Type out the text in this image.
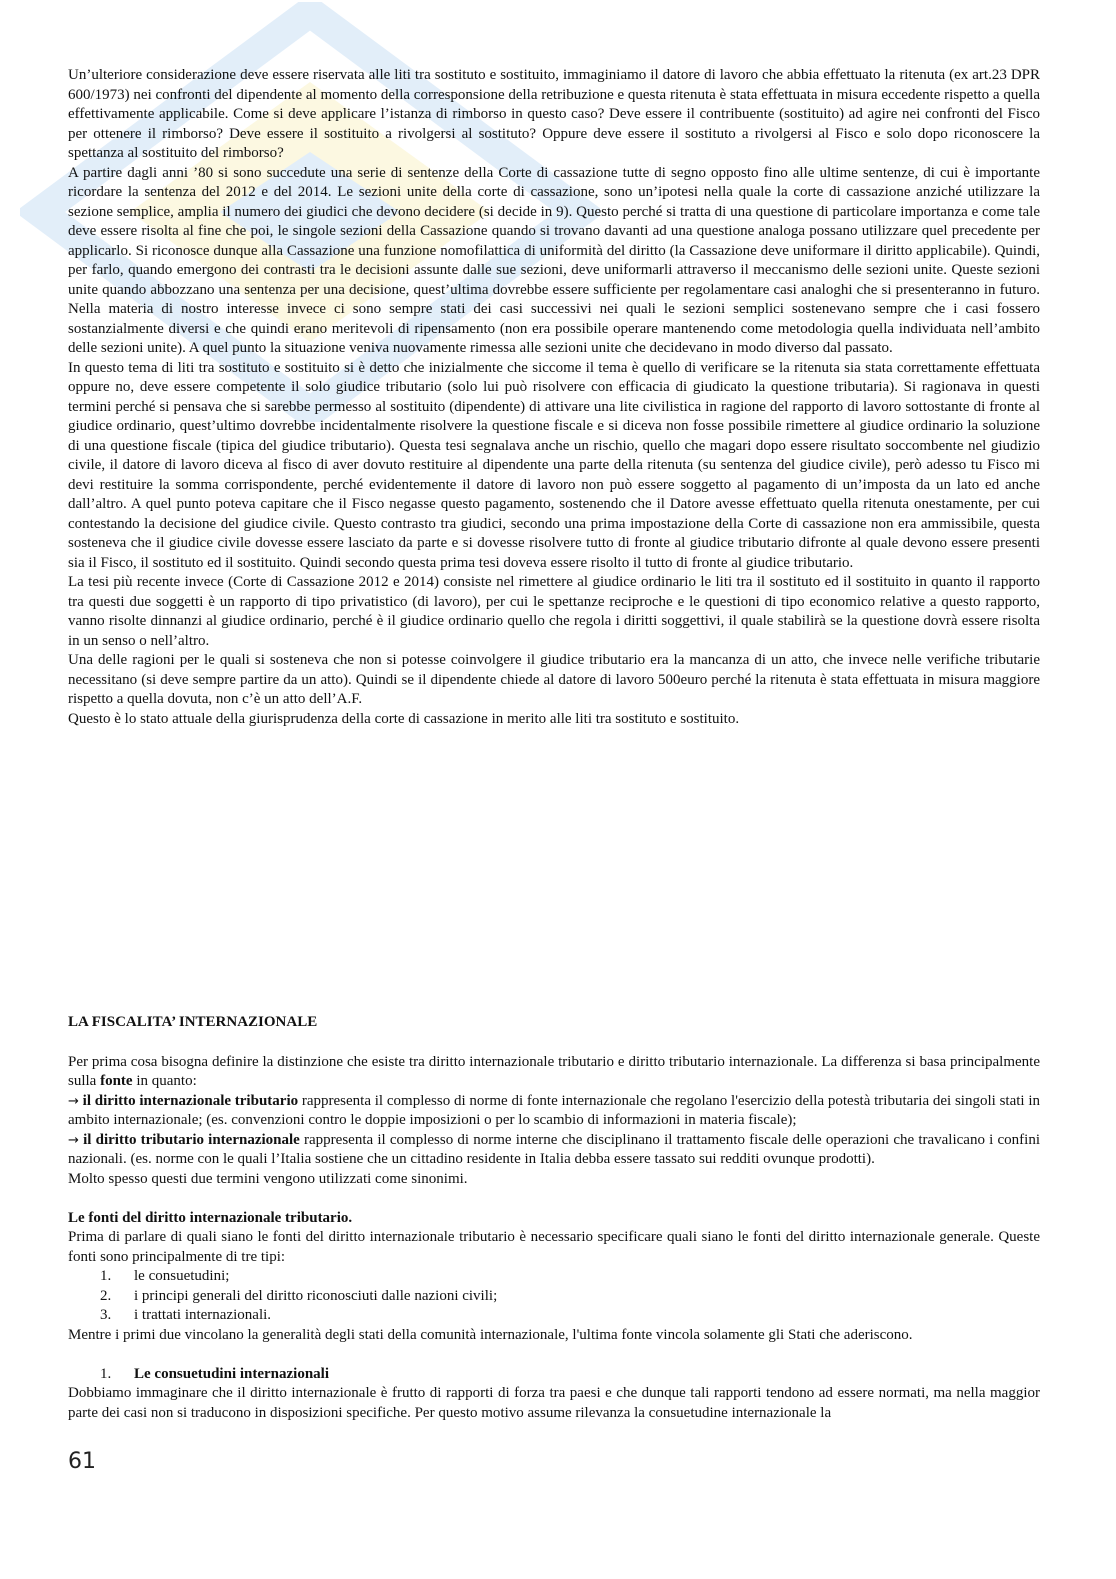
Un’ulteriore considerazione deve essere riservata alle liti tra sostituto e sostituito, immaginiamo il datore di lavoro che abbia effettuato la ritenuta (ex art.23 DPR 600/1973) nei confronti del dipendente al momento della corresponsione della retribuzione e questa ritenuta è stata effettuata in misura eccedente rispetto a quella effettivamente applicabile. Come si deve applicare l’istanza di rimborso in questo caso? Deve essere il contribuente (sostituito) ad agire nei confronti del Fisco per ottenere il rimborso? Deve essere il sostituito a rivolgersi al sostituto? Oppure deve essere il sostituto a rivolgersi al Fisco e solo dopo riconoscere la spettanza al sostituito del rimborso?

A partire dagli anni ’80 si sono succedute una serie di sentenze della Corte di cassazione tutte di segno opposto fino alle ultime sentenze, di cui è importante ricordare la sentenza del 2012 e del 2014. Le sezioni unite della corte di cassazione, sono un’ipotesi nella quale la corte di cassazione anziché utilizzare la sezione semplice, amplia il numero dei giudici che devono decidere (si decide in 9). Questo perché si tratta di una questione di particolare importanza e come tale deve essere risolta al fine che poi, le singole sezioni della Cassazione quando si trovano davanti ad una questione analoga possano utilizzare quel precedente per applicarlo. Si riconosce dunque alla Cassazione una funzione nomofilattica di uniformità del diritto (la Cassazione deve uniformare il diritto applicabile). Quindi, per farlo, quando emergono dei contrasti tra le decisioni assunte dalle sue sezioni, deve uniformarli attraverso il meccanismo delle sezioni unite. Queste sezioni unite quando abbozzano una sentenza per una decisione, quest’ultima dovrebbe essere sufficiente per regolamentare casi analoghi che si presenteranno in futuro. Nella materia di nostro interesse invece ci sono sempre stati dei casi successivi nei quali le sezioni semplici sostenevano sempre che i casi fossero sostanzialmente diversi e che quindi erano meritevoli di ripensamento (non era possibile operare mantenendo come metodologia quella individuata nell’ambito delle sezioni unite). A quel punto la situazione veniva nuovamente rimessa alle sezioni unite che decidevano in modo diverso dal passato.

In questo tema di liti tra sostituto e sostituito si è detto che inizialmente che siccome il tema è quello di verificare se la ritenuta sia stata correttamente effettuata oppure no, deve essere competente il solo giudice tributario (solo lui può risolvere con efficacia di giudicato la questione tributaria). Si ragionava in questi termini perché si pensava che si sarebbe permesso al sostituito (dipendente) di attivare una lite civilistica in ragione del rapporto di lavoro sottostante di fronte al giudice ordinario, quest’ultimo dovrebbe incidentalmente risolvere la questione fiscale e si diceva non fosse possibile rimettere al giudice ordinario la soluzione di una questione fiscale (tipica del giudice tributario). Questa tesi segnalava anche un rischio, quello che magari dopo essere risultato soccombente nel giudizio civile, il datore di lavoro diceva al fisco di aver dovuto restituire al dipendente una parte della ritenuta (su sentenza del giudice civile), però adesso tu Fisco mi devi restituire la somma corrispondente, perché evidentemente il datore di lavoro non può essere soggetto al pagamento di un’imposta da un lato ed anche dall’altro. A quel punto poteva capitare che il Fisco negasse questo pagamento, sostenendo che il Datore avesse effettuato quella ritenuta onestamente, per cui contestando la decisione del giudice civile. Questo contrasto tra giudici, secondo una prima impostazione della Corte di cassazione non era ammissibile, questa sosteneva che il giudice civile dovesse essere lasciato da parte e si dovesse risolvere tutto di fronte al giudice tributario difronte al quale devono essere presenti sia il Fisco, il sostituto ed il sostituito. Quindi secondo questa prima tesi doveva essere risolto il tutto di fronte al giudice tributario.

La tesi più recente invece (Corte di Cassazione 2012 e 2014) consiste nel rimettere al giudice ordinario le liti tra il sostituto ed il sostituito in quanto il rapporto tra questi due soggetti è un rapporto di tipo privatistico (di lavoro), per cui le spettanze reciproche e le questioni di tipo economico relative a questo rapporto, vanno risolte dinnanzi al giudice ordinario, perché è il giudice ordinario quello che regola i diritti soggettivi, il quale stabilirà se la questione dovrà essere risolta in un senso o nell’altro.

Una delle ragioni per le quali si sosteneva che non si potesse coinvolgere il giudice tributario era la mancanza di un atto, che invece nelle verifiche tributarie necessitano (si deve sempre partire da un atto). Quindi se il dipendente chiede al datore di lavoro 500euro perché la ritenuta è stata effettuata in misura maggiore rispetto a quella dovuta, non c’è un atto dell’A.F.

Questo è lo stato attuale della giurisprudenza della corte di cassazione in merito alle liti tra sostituto e sostituito.

LA FISCALITA’ INTERNAZIONALE

Per prima cosa bisogna definire la distinzione che esiste tra diritto internazionale tributario e diritto tributario internazionale. La differenza si basa principalmente sulla fonte in quanto:

→ il diritto internazionale tributario rappresenta il complesso di norme di fonte internazionale che regolano l'esercizio della potestà tributaria dei singoli stati in ambito internazionale; (es. convenzioni contro le doppie imposizioni o per lo scambio di informazioni in materia fiscale);

→ il diritto tributario internazionale rappresenta il complesso di norme interne che disciplinano il trattamento fiscale delle operazioni che travalicano i confini nazionali. (es. norme con le quali l’Italia sostiene che un cittadino residente in Italia debba essere tassato sui redditi ovunque prodotti).

Molto spesso questi due termini vengono utilizzati come sinonimi.

Le fonti del diritto internazionale tributario.

Prima di parlare di quali siano le fonti del diritto internazionale tributario è necessario specificare quali siano le fonti del diritto internazionale generale. Queste fonti sono principalmente di tre tipi:

1. le consuetudini;
2. i principi generali del diritto riconosciuti dalle nazioni civili;
3. i trattati internazionali.

Mentre i primi due vincolano la generalità degli stati della comunità internazionale, l'ultima fonte vincola solamente gli Stati che aderiscono.

1. Le consuetudini internazionali

Dobbiamo immaginare che il diritto internazionale è frutto di rapporti di forza tra paesi e che dunque tali rapporti tendono ad essere normati, ma nella maggior parte dei casi non si traducono in disposizioni specifiche. Per questo motivo assume rilevanza la consuetudine internazionale la

61
